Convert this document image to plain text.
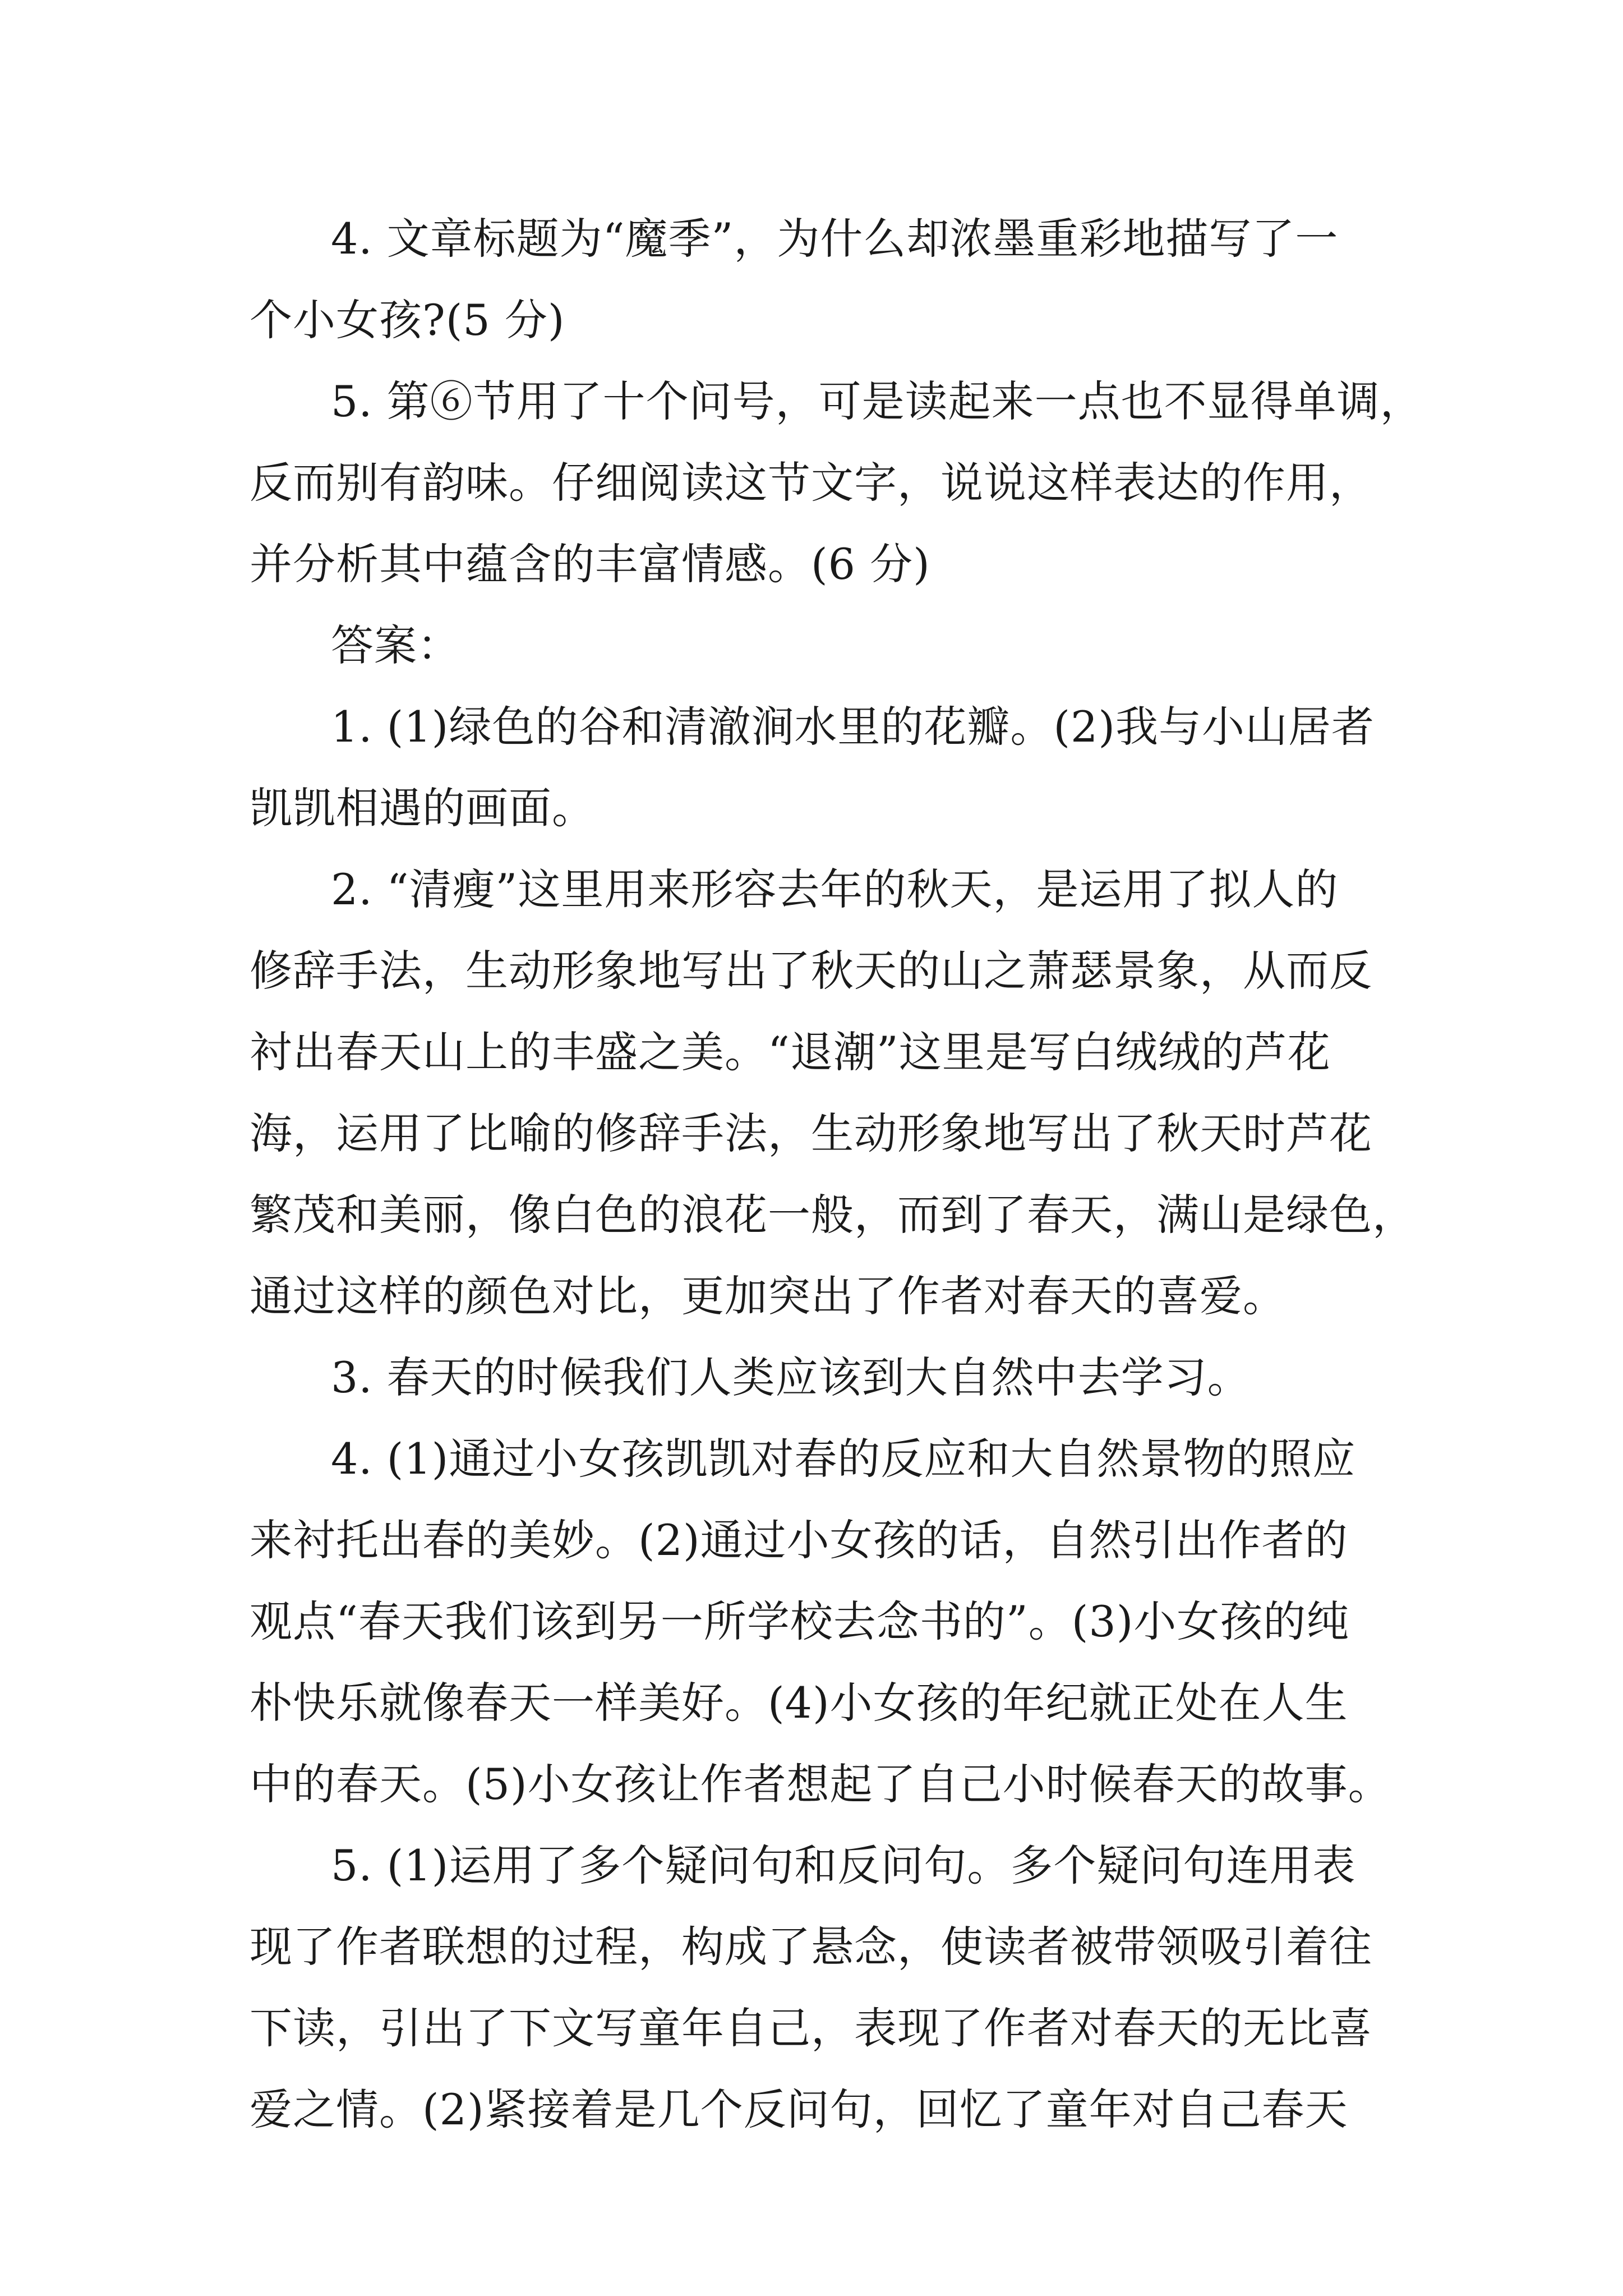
4. 文章标题为“魔季”，为什么却浓墨重彩地描写了一
个小女孩?(5 分)
5. 第⑥节用了十个问号，可是读起来一点也不显得单调，
反而别有韵味。仔细阅读这节文字，说说这样表达的作用，
并分析其中蕴含的丰富情感。(6 分)
答案：
1. (1)绿色的谷和清澈涧水里的花瓣。(2)我与小山居者
凯凯相遇的画面。
2. “清瘦”这里用来形容去年的秋天，是运用了拟人的
修辞手法，生动形象地写出了秋天的山之萧瑟景象，从而反
衬出春天山上的丰盛之美。“退潮”这里是写白绒绒的芦花
海，运用了比喻的修辞手法，生动形象地写出了秋天时芦花
繁茂和美丽，像白色的浪花一般，而到了春天，满山是绿色，
通过这样的颜色对比，更加突出了作者对春天的喜爱。
3. 春天的时候我们人类应该到大自然中去学习。
4. (1)通过小女孩凯凯对春的反应和大自然景物的照应
来衬托出春的美妙。(2)通过小女孩的话，自然引出作者的
观点“春天我们该到另一所学校去念书的”。(3)小女孩的纯
朴快乐就像春天一样美好。(4)小女孩的年纪就正处在人生
中的春天。(5)小女孩让作者想起了自己小时候春天的故事。
5. (1)运用了多个疑问句和反问句。多个疑问句连用表
现了作者联想的过程，构成了悬念，使读者被带领吸引着往
下读，引出了下文写童年自己，表现了作者对春天的无比喜
爱之情。(2)紧接着是几个反问句，回忆了童年对自己春天
